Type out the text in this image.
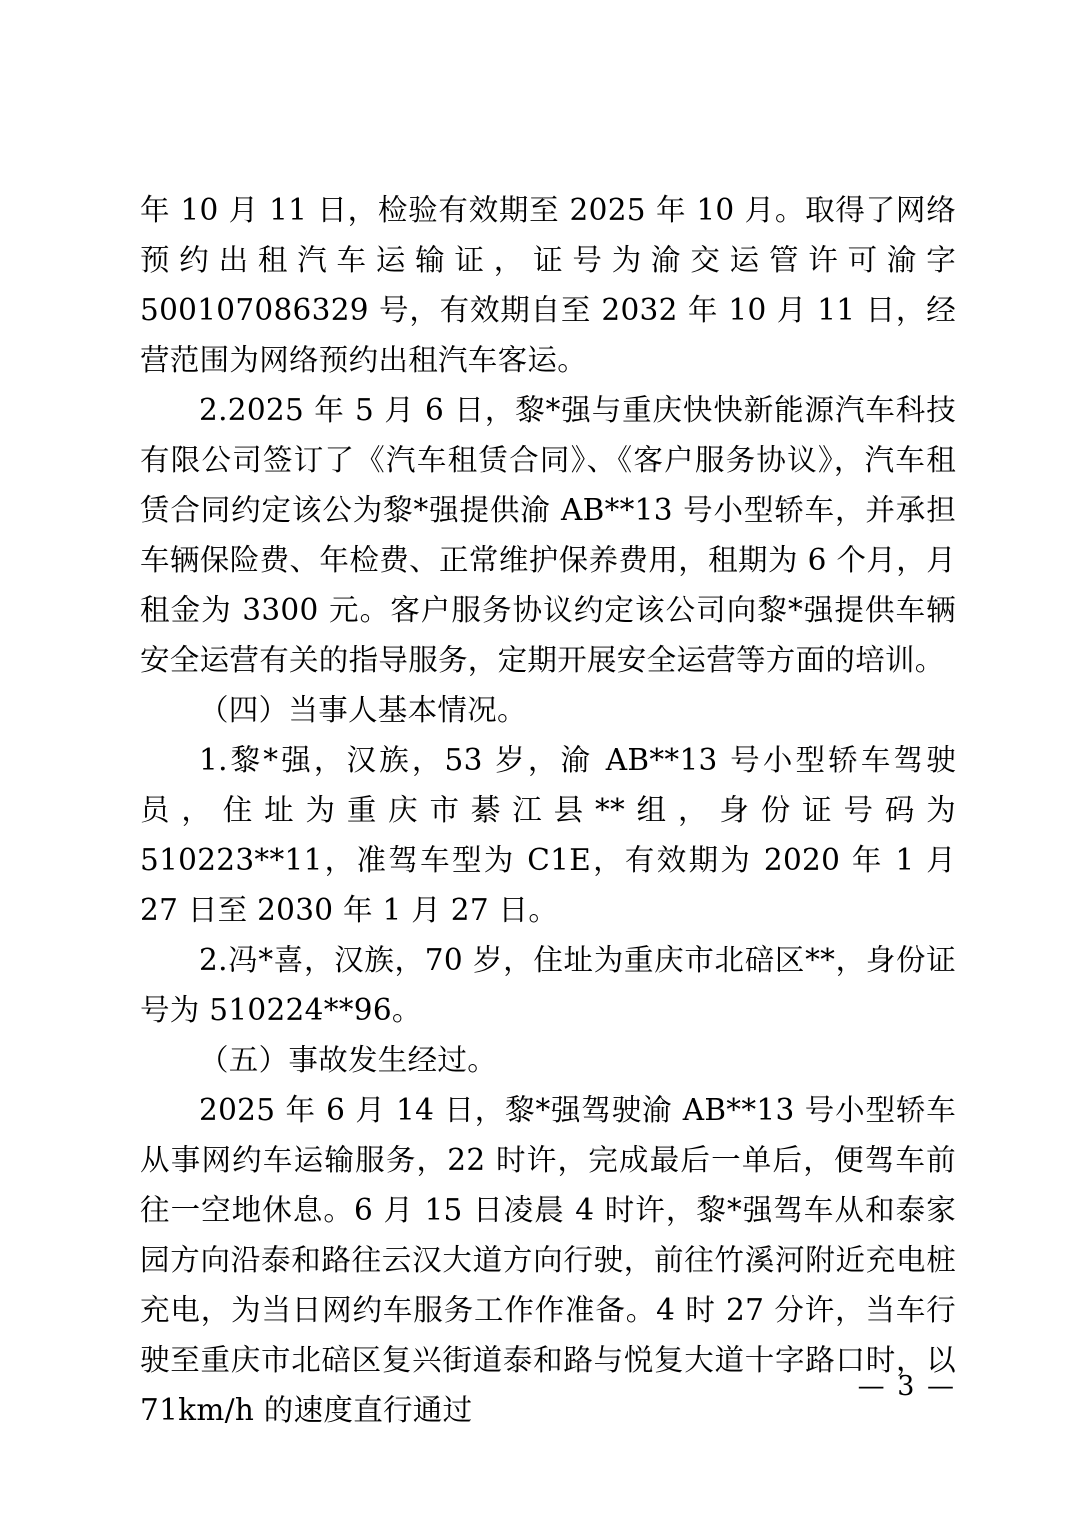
年 10 月 11 日，检验有效期至 2025 年 10 月。取得了网络预约出租汽车运输证，证号为渝交运管许可渝字 500107086329 号，有效期自至 2032 年 10 月 11 日，经营范围为网络预约出租汽车客运。

2.2025 年 5 月 6 日，黎*强与重庆快快新能源汽车科技有限公司签订了《汽车租赁合同》、《客户服务协议》，汽车租赁合同约定该公为黎*强提供渝 AB**13 号小型轿车，并承担车辆保险费、年检费、正常维护保养费用，租期为 6 个月，月租金为 3300 元。客户服务协议约定该公司向黎*强提供车辆安全运营有关的指导服务，定期开展安全运营等方面的培训。

（四）当事人基本情况。

1.黎*强，汉族，53 岁，渝 AB**13 号小型轿车驾驶员，住址为重庆市綦江县**组，身份证号码为 510223**11，准驾车型为 C1E，有效期为 2020 年 1 月 27 日至 2030 年 1 月 27 日。

2.冯*喜，汉族，70 岁，住址为重庆市北碚区**，身份证号为 510224**96。

（五）事故发生经过。

2025 年 6 月 14 日，黎*强驾驶渝 AB**13 号小型轿车从事网约车运输服务，22 时许，完成最后一单后，便驾车前往一空地休息。6 月 15 日凌晨 4 时许，黎*强驾车从和泰家园方向沿泰和路往云汉大道方向行驶，前往竹溪河附近充电桩充电，为当日网约车服务工作作准备。4 时 27 分许，当车行驶至重庆市北碚区复兴街道泰和路与悦复大道十字路口时，以 71km/h 的速度直行通过

— 3 —
